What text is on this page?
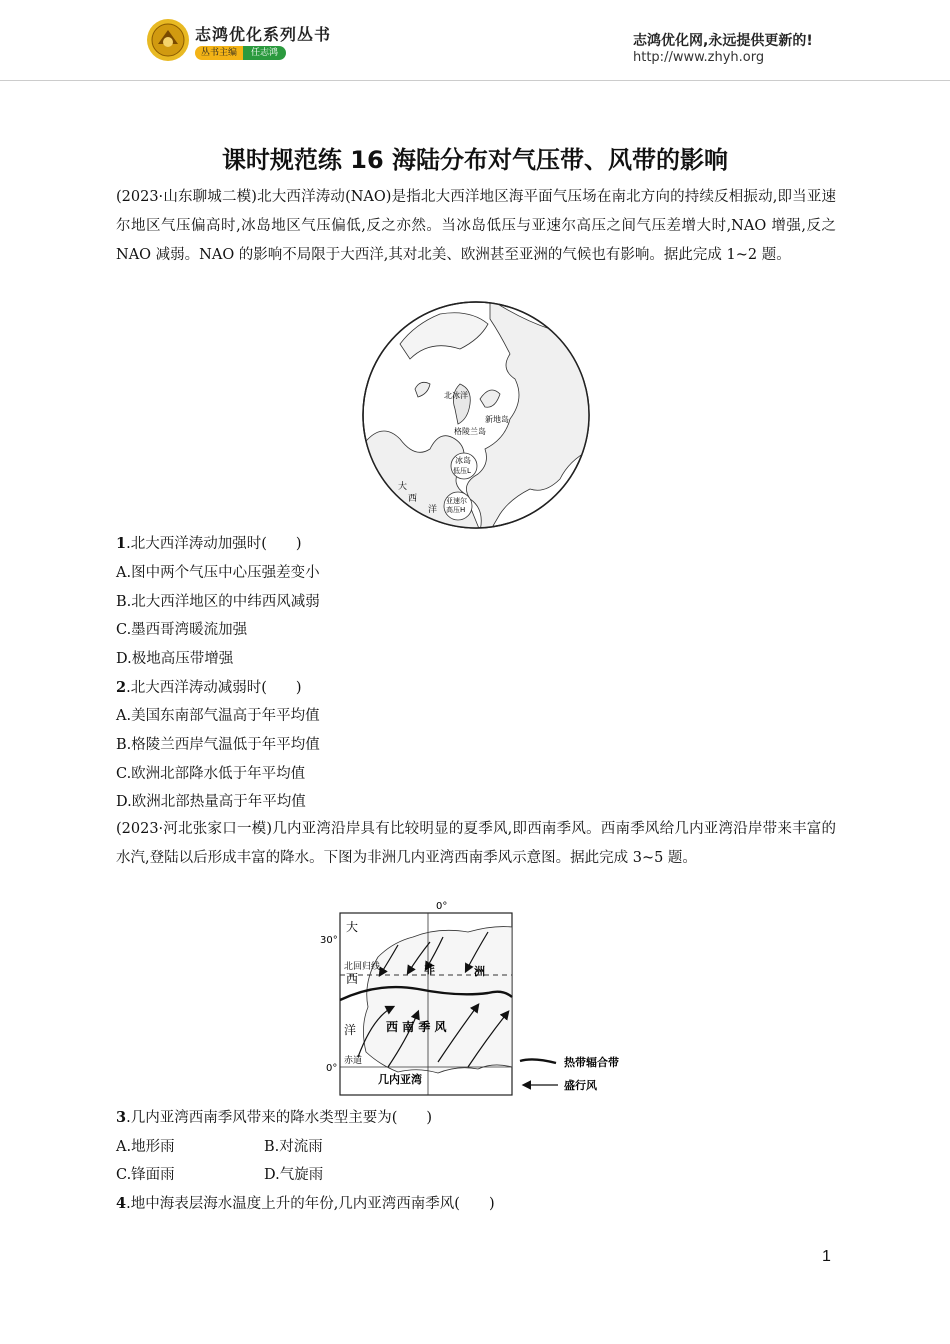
志鸿优化系列丛书
丛书主编	任志鸿
志鸿优化网,永远提供更新的!
http://www.zhyh.org
课时规范练 16 海陆分布对气压带、风带的影响
(2023·山东聊城二模)北大西洋涛动(NAO)是指北大西洋地区海平面气压场在南北方向的持续反相振动,即当亚速尔地区气压偏高时,冰岛地区气压偏低,反之亦然。当冰岛低压与亚速尔高压之间气压差增大时,NAO 增强,反之 NAO 减弱。NAO 的影响不局限于大西洋,其对北美、欧洲甚至亚洲的气候也有影响。据此完成 1~2 题。
北冰洋
新地岛
格陵兰岛
冰岛
低压L
亚速尔
高压H
大
西
洋
1.北大西洋涛动加强时(　　)
A.图中两个气压中心压强差变小
B.北大西洋地区的中纬西风减弱
C.墨西哥湾暖流加强
D.极地高压带增强
2.北大西洋涛动减弱时(　　)
A.美国东南部气温高于年平均值
B.格陵兰西岸气温低于年平均值
C.欧洲北部降水低于年平均值
D.欧洲北部热量高于年平均值
(2023·河北张家口一模)几内亚湾沿岸具有比较明显的夏季风,即西南季风。西南季风给几内亚湾沿岸带来丰富的水汽,登陆以后形成丰富的降水。下图为非洲几内亚湾西南季风示意图。据此完成 3~5 题。
30°
0°
0°
北回归线
赤道
非	洲
西 南 季 风
大
西
洋
几内亚湾
热带辐合带
盛行风
3.几内亚湾西南季风带来的降水类型主要为(　　)
A.地形雨	B.对流雨
C.锋面雨	D.气旋雨
4.地中海表层海水温度上升的年份,几内亚湾西南季风(　　)
1
